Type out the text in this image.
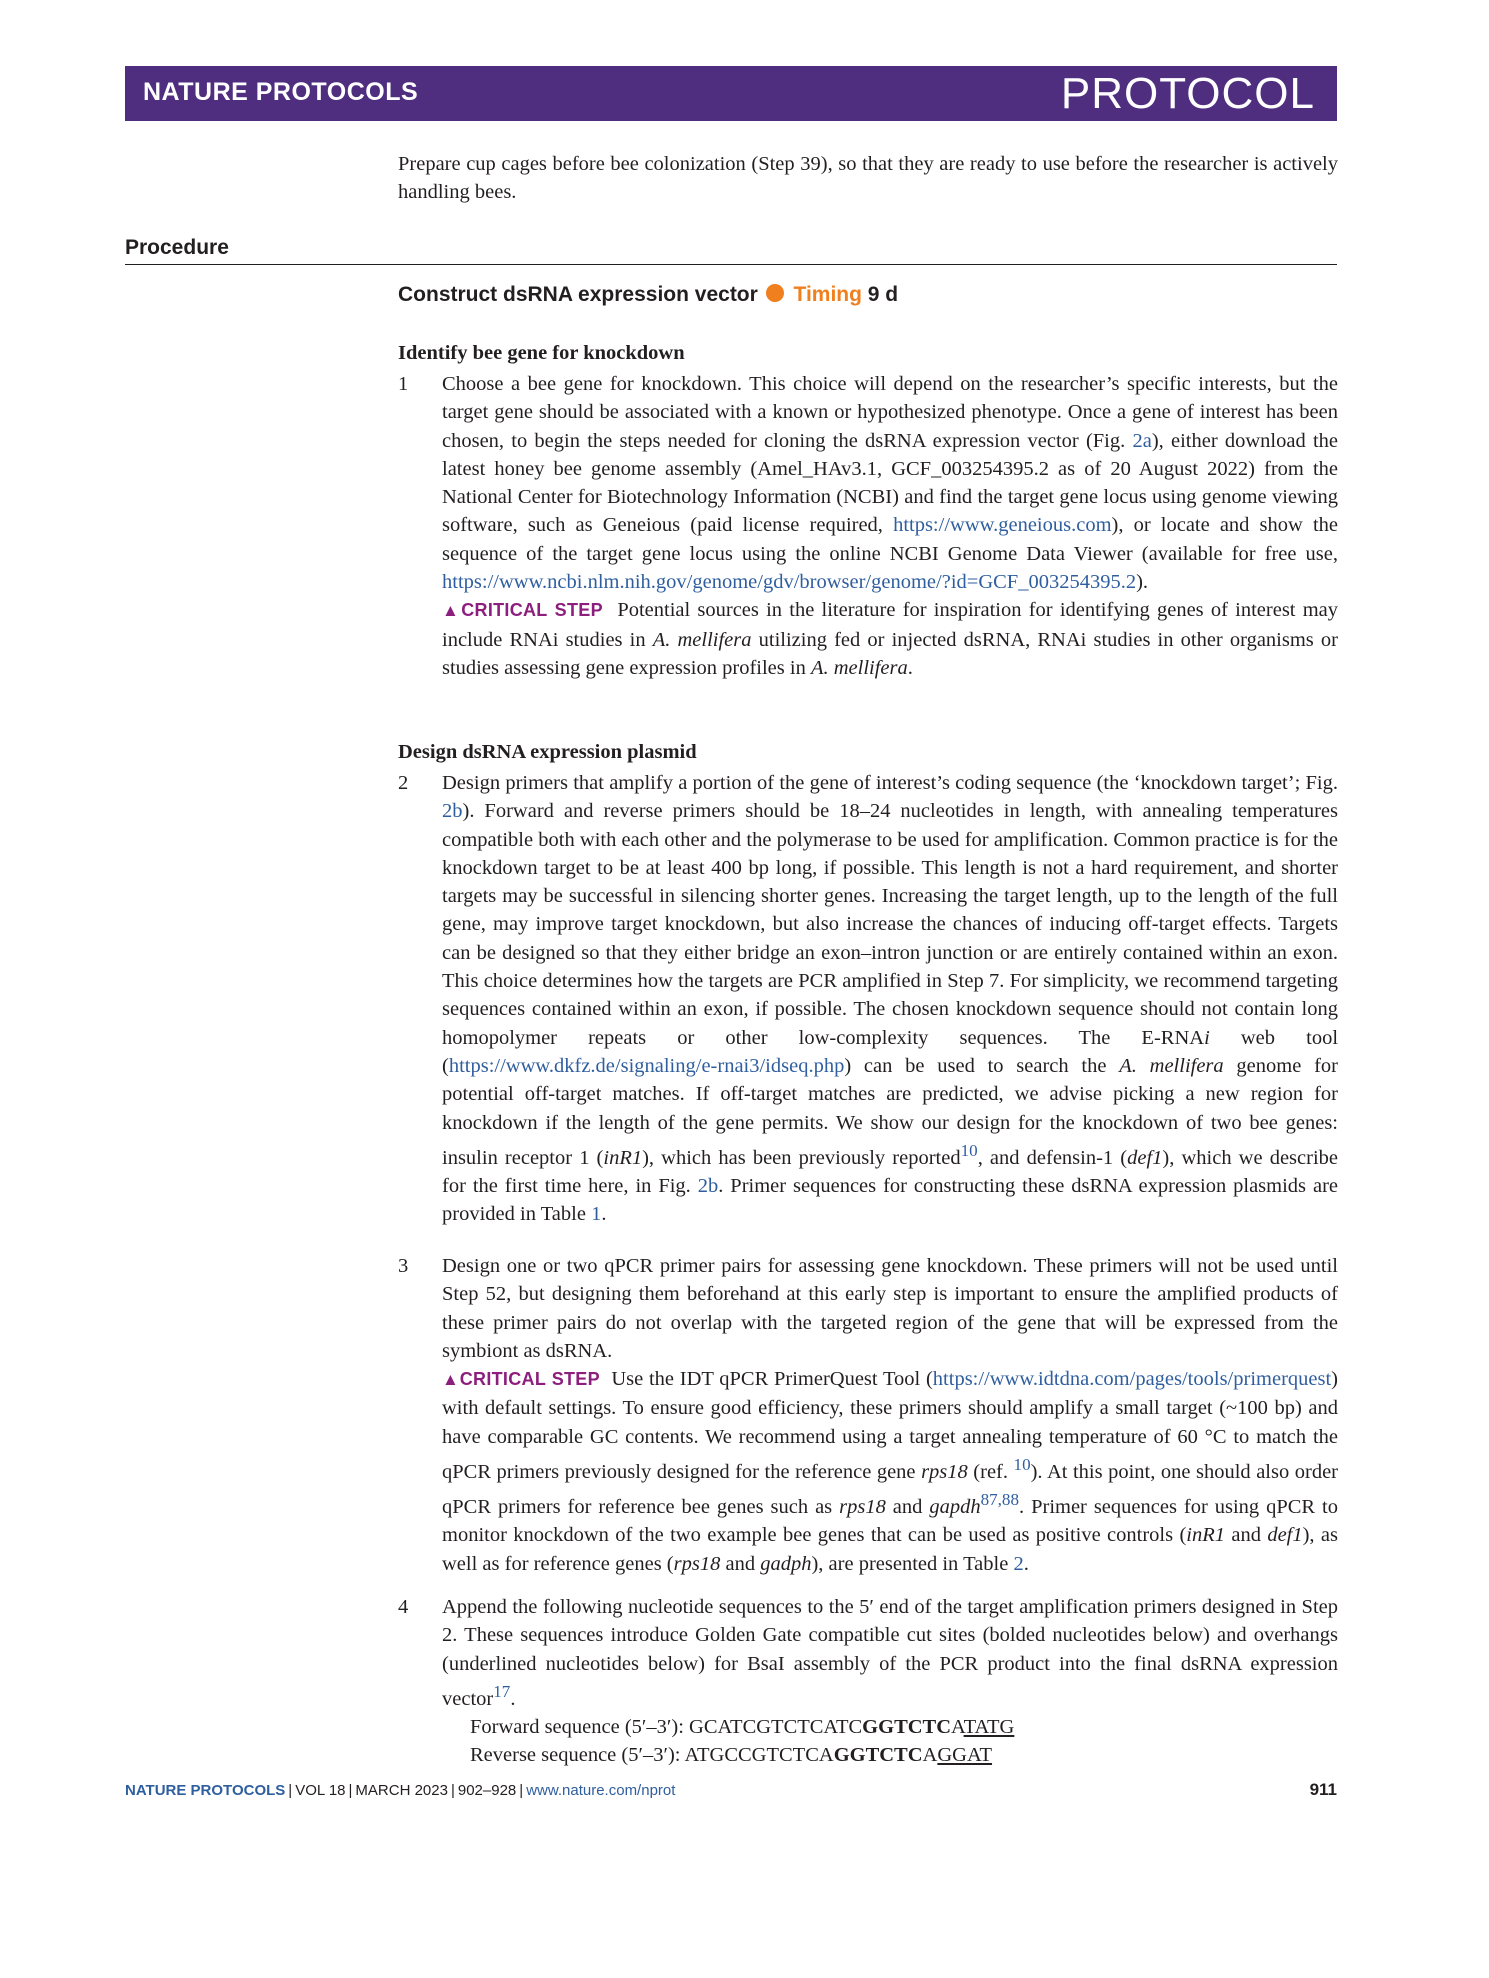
NATURE PROTOCOLS	PROTOCOL
Prepare cup cages before bee colonization (Step 39), so that they are ready to use before the researcher is actively handling bees.
Procedure
Construct dsRNA expression vector Timing 9 d
Identify bee gene for knockdown
1 Choose a bee gene for knockdown. This choice will depend on the researcher’s specific interests, but the target gene should be associated with a known or hypothesized phenotype. Once a gene of interest has been chosen, to begin the steps needed for cloning the dsRNA expression vector (Fig. 2a), either download the latest honey bee genome assembly (Amel_HAv3.1, GCF_003254395.2 as of 20 August 2022) from the National Center for Biotechnology Information (NCBI) and find the target gene locus using genome viewing software, such as Geneious (paid license required, https://www.geneious.com), or locate and show the sequence of the target gene locus using the online NCBI Genome Data Viewer (available for free use, https://www.ncbi.nlm.nih.gov/genome/gdv/browser/genome/?id=GCF_003254395.2).
▲CRITICAL STEP Potential sources in the literature for inspiration for identifying genes of interest may include RNAi studies in A. mellifera utilizing fed or injected dsRNA, RNAi studies in other organisms or studies assessing gene expression profiles in A. mellifera.
Design dsRNA expression plasmid
2 Design primers that amplify a portion of the gene of interest’s coding sequence (the ‘knockdown target’; Fig. 2b). Forward and reverse primers should be 18–24 nucleotides in length, with annealing temperatures compatible both with each other and the polymerase to be used for amplification. Common practice is for the knockdown target to be at least 400 bp long, if possible. This length is not a hard requirement, and shorter targets may be successful in silencing shorter genes. Increasing the target length, up to the length of the full gene, may improve target knockdown, but also increase the chances of inducing off-target effects. Targets can be designed so that they either bridge an exon–intron junction or are entirely contained within an exon. This choice determines how the targets are PCR amplified in Step 7. For simplicity, we recommend targeting sequences contained within an exon, if possible. The chosen knockdown sequence should not contain long homopolymer repeats or other low-complexity sequences. The E-RNAi web tool (https://www.dkfz.de/signaling/e-rnai3/idseq.php) can be used to search the A. mellifera genome for potential off-target matches. If off-target matches are predicted, we advise picking a new region for knockdown if the length of the gene permits. We show our design for the knockdown of two bee genes: insulin receptor 1 (inR1), which has been previously reported$^{10}$, and defensin-1 (def1), which we describe for the first time here, in Fig. 2b. Primer sequences for constructing these dsRNA expression plasmids are provided in Table 1.
3 Design one or two qPCR primer pairs for assessing gene knockdown. These primers will not be used until Step 52, but designing them beforehand at this early step is important to ensure the amplified products of these primer pairs do not overlap with the targeted region of the gene that will be expressed from the symbiont as dsRNA.
▲CRITICAL STEP Use the IDT qPCR PrimerQuest Tool (https://www.idtdna.com/pages/tools/primerquest) with default settings. To ensure good efficiency, these primers should amplify a small target (~100 bp) and have comparable GC contents. We recommend using a target annealing temperature of 60 °C to match the qPCR primers previously designed for the reference gene rps18 (ref. $^{10}$). At this point, one should also order qPCR primers for reference bee genes such as rps18 and gapdh$^{87,88}$. Primer sequences for using qPCR to monitor knockdown of the two example bee genes that can be used as positive controls (inR1 and def1), as well as for reference genes (rps18 and gadph), are presented in Table 2.
4 Append the following nucleotide sequences to the 5′ end of the target amplification primers designed in Step 2. These sequences introduce Golden Gate compatible cut sites (bolded nucleotides below) and overhangs (underlined nucleotides below) for BsaI assembly of the PCR product into the final dsRNA expression vector$^{17}$.
Forward sequence (5′–3′): GCATCGTCTCATCGGTCTCATATG
Reverse sequence (5′–3′): ATGCCGTCTCAGGTCTCAGGAT
NATURE PROTOCOLS | VOL 18 | MARCH 2023 | 902–928 | www.nature.com/nprot	911
